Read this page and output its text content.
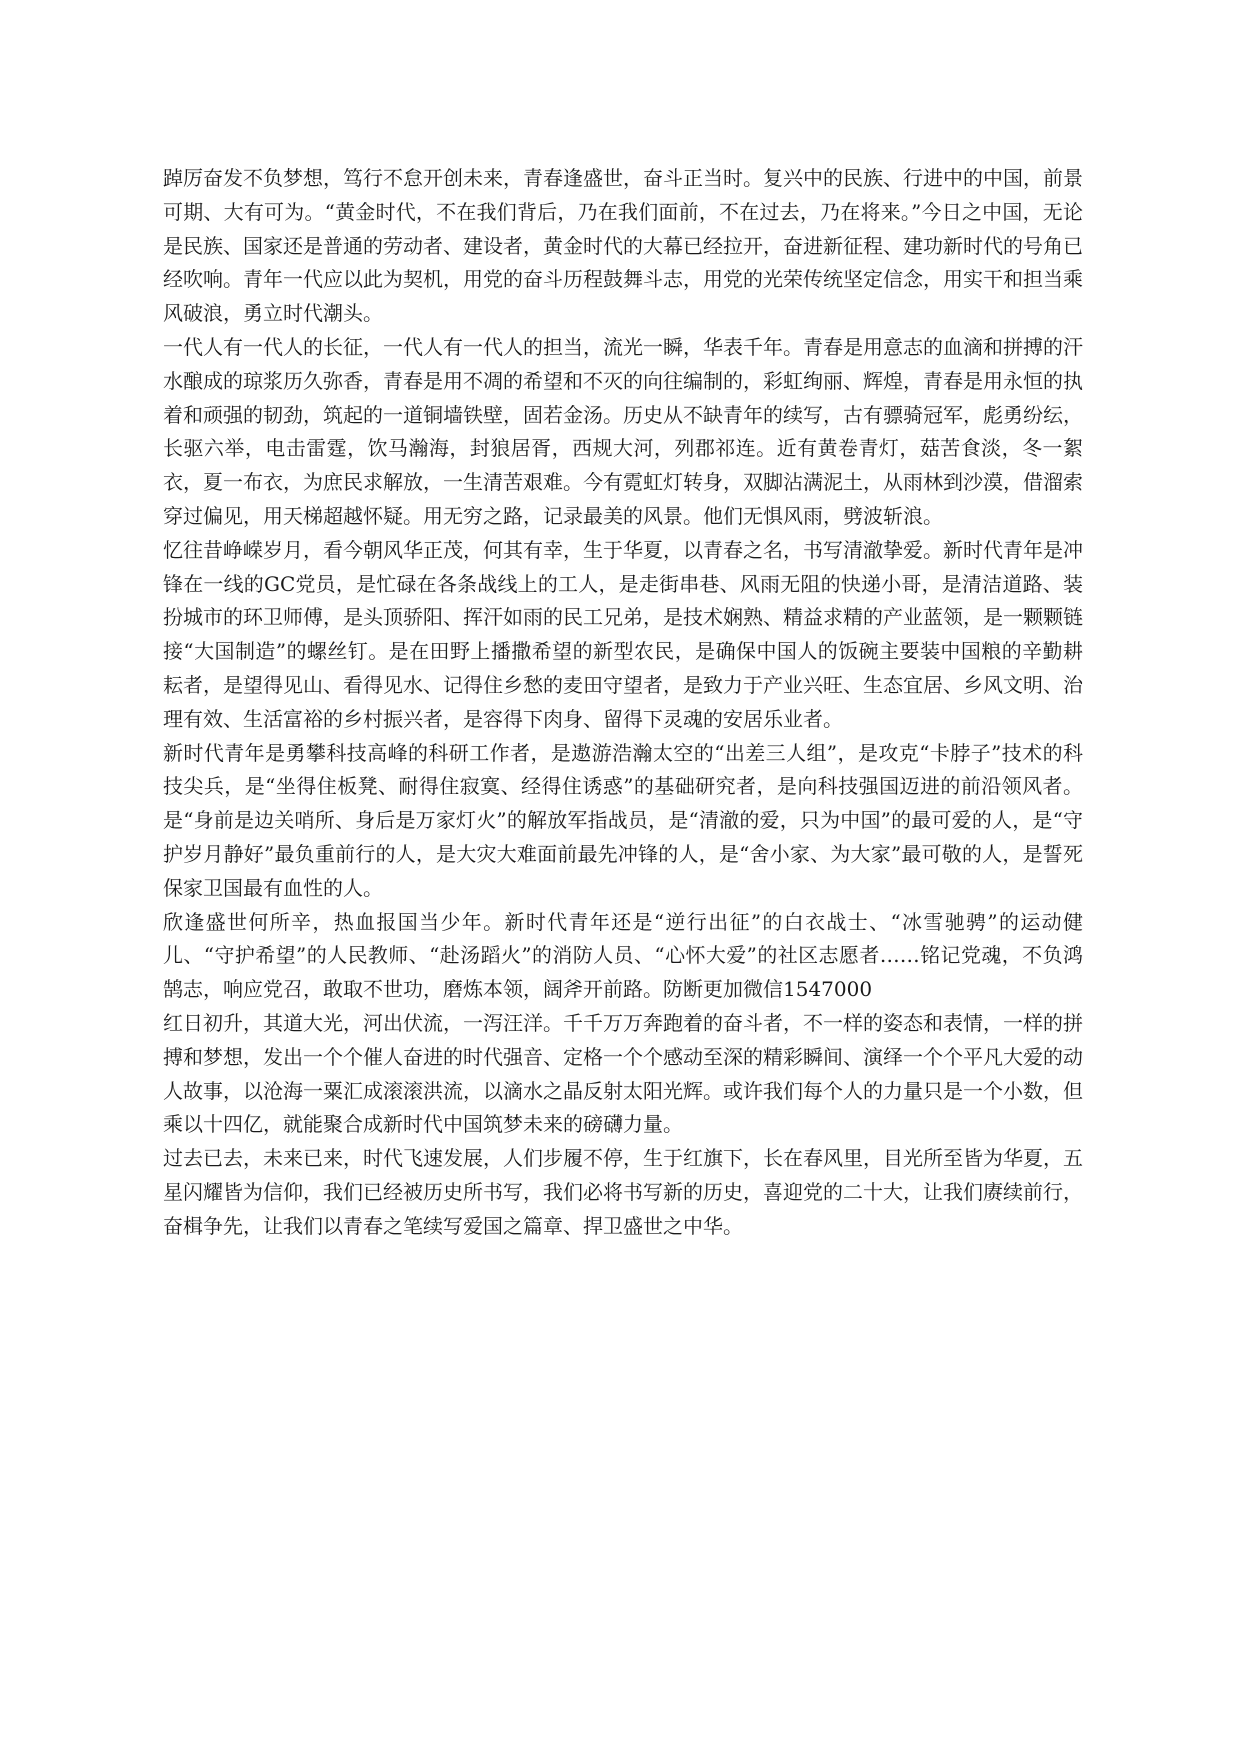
踔厉奋发不负梦想，笃行不怠开创未来，青春逢盛世，奋斗正当时。复兴中的民族、行进中的中国，前景可期、大有可为。“黄金时代，不在我们背后，乃在我们面前，不在过去，乃在将来。”今日之中国，无论是民族、国家还是普通的劳动者、建设者，黄金时代的大幕已经拉开，奋进新征程、建功新时代的号角已经吹响。青年一代应以此为契机，用党的奋斗历程鼓舞斗志，用党的光荣传统坚定信念，用实干和担当乘风破浪，勇立时代潮头。

一代人有一代人的长征，一代人有一代人的担当，流光一瞬，华表千年。青春是用意志的血滴和拼搏的汗水酿成的琼浆历久弥香，青春是用不凋的希望和不灭的向往编制的，彩虹绚丽、辉煌，青春是用永恒的执着和顽强的韧劲，筑起的一道铜墙铁壁，固若金汤。历史从不缺青年的续写，古有骠骑冠军，彪勇纷纭，长驱六举，电击雷霆，饮马瀚海，封狼居胥，西规大河，列郡祁连。近有黄卷青灯，菇苦食淡，冬一絮衣，夏一布衣，为庶民求解放，一生清苦艰难。今有霓虹灯转身，双脚沾满泥土，从雨林到沙漠，借溜索穿过偏见，用天梯超越怀疑。用无穷之路，记录最美的风景。他们无惧风雨，劈波斩浪。

忆往昔峥嵘岁月，看今朝风华正茂，何其有幸，生于华夏，以青春之名，书写清澈挚爱。新时代青年是冲锋在一线的GC党员，是忙碌在各条战线上的工人，是走街串巷、风雨无阻的快递小哥，是清洁道路、装扮城市的环卫师傅，是头顶骄阳、挥汗如雨的民工兄弟，是技术娴熟、精益求精的产业蓝领，是一颗颗链接“大国制造”的螺丝钉。是在田野上播撒希望的新型农民，是确保中国人的饭碗主要装中国粮的辛勤耕耘者，是望得见山、看得见水、记得住乡愁的麦田守望者，是致力于产业兴旺、生态宜居、乡风文明、治理有效、生活富裕的乡村振兴者，是容得下肉身、留得下灵魂的安居乐业者。

新时代青年是勇攀科技高峰的科研工作者，是遨游浩瀚太空的“出差三人组”，是攻克“卡脖子”技术的科技尖兵，是“坐得住板凳、耐得住寂寞、经得住诱惑”的基础研究者，是向科技强国迈进的前沿领风者。是“身前是边关哨所、身后是万家灯火”的解放军指战员，是“清澈的爱，只为中国”的最可爱的人，是“守护岁月静好”最负重前行的人，是大灾大难面前最先冲锋的人，是“舍小家、为大家”最可敬的人，是誓死保家卫国最有血性的人。

欣逢盛世何所辛，热血报国当少年。新时代青年还是“逆行出征”的白衣战士、“冰雪驰骋”的运动健儿、“守护希望”的人民教师、“赴汤蹈火”的消防人员、“心怀大爱”的社区志愿者……铭记党魂，不负鸿鹄志，响应党召，敢取不世功，磨炼本领，阔斧开前路。防断更加微信1547000

红日初升，其道大光，河出伏流，一泻汪洋。千千万万奔跑着的奋斗者，不一样的姿态和表情，一样的拼搏和梦想，发出一个个催人奋进的时代强音、定格一个个感动至深的精彩瞬间、演绎一个个平凡大爱的动人故事，以沧海一粟汇成滚滚洪流，以滴水之晶反射太阳光辉。或许我们每个人的力量只是一个小数，但乘以十四亿，就能聚合成新时代中国筑梦未来的磅礴力量。

过去已去，未来已来，时代飞速发展，人们步履不停，生于红旗下，长在春风里，目光所至皆为华夏，五星闪耀皆为信仰，我们已经被历史所书写，我们必将书写新的历史，喜迎党的二十大，让我们赓续前行，奋楫争先，让我们以青春之笔续写爱国之篇章、捍卫盛世之中华。
